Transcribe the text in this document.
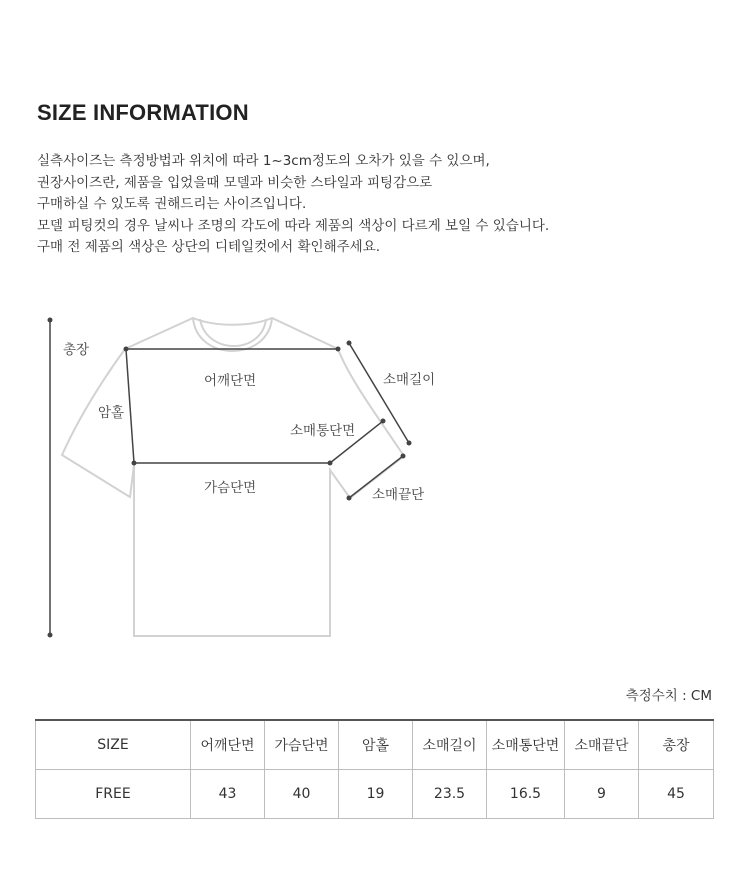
SIZE INFORMATION
실측사이즈는 측정방법과 위치에 따라 1~3cm정도의 오차가 있을 수 있으며,
권장사이즈란, 제품을 입었을때 모델과 비슷한 스타일과 피팅감으로
구매하실 수 있도록 권해드리는 사이즈입니다.
모델 피팅컷의 경우 날씨나 조명의 각도에 따라 제품의 색상이 다르게 보일 수 있습니다.
구매 전 제품의 색상은 상단의 디테일컷에서 확인해주세요.
총장
어깨단면
암홀
소매길이
소매통단면
가슴단면	소매끝단
측정수치 : CM
SIZE	어깨단면	가슴단면	암홀	소매길이	소매통단면	소매끝단	총장
FREE	43	40	19	23.5	16.5	9	45
